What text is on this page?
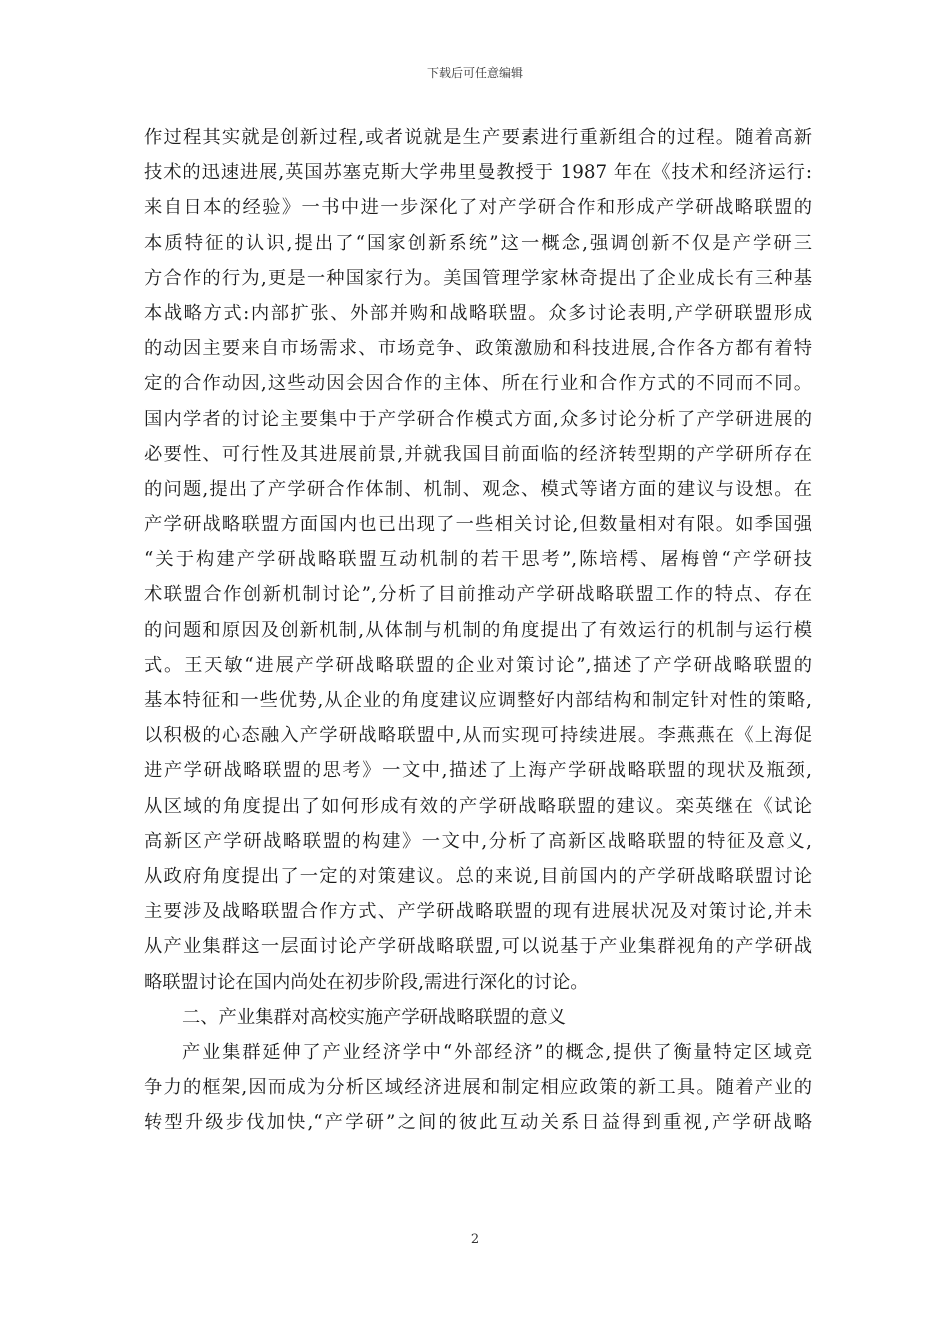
下载后可任意编辑
作过程其实就是创新过程,或者说就是生产要素进行重新组合的过程。随着高新
技术的迅速进展,英国苏塞克斯大学弗里曼教授于 1987 年在《技术和经济运行:
来自日本的经验》一书中进一步深化了对产学研合作和形成产学研战略联盟的
本质特征的认识,提出了“国家创新系统”这一概念,强调创新不仅是产学研三
方合作的行为,更是一种国家行为。美国管理学家林奇提出了企业成长有三种基
本战略方式:内部扩张、外部并购和战略联盟。众多讨论表明,产学研联盟形成
的动因主要来自市场需求、市场竞争、政策激励和科技进展,合作各方都有着特
定的合作动因,这些动因会因合作的主体、所在行业和合作方式的不同而不同。
国内学者的讨论主要集中于产学研合作模式方面,众多讨论分析了产学研进展的
必要性、可行性及其进展前景,并就我国目前面临的经济转型期的产学研所存在
的问题,提出了产学研合作体制、机制、观念、模式等诸方面的建议与设想。在
产学研战略联盟方面国内也已出现了一些相关讨论,但数量相对有限。如季国强
“关于构建产学研战略联盟互动机制的若干思考”,陈培樗、屠梅曾“产学研技
术联盟合作创新机制讨论”,分析了目前推动产学研战略联盟工作的特点、存在
的问题和原因及创新机制,从体制与机制的角度提出了有效运行的机制与运行模
式。王天敏“进展产学研战略联盟的企业对策讨论”,描述了产学研战略联盟的
基本特征和一些优势,从企业的角度建议应调整好内部结构和制定针对性的策略,
以积极的心态融入产学研战略联盟中,从而实现可持续进展。李燕燕在《上海促
进产学研战略联盟的思考》一文中,描述了上海产学研战略联盟的现状及瓶颈,
从区域的角度提出了如何形成有效的产学研战略联盟的建议。栾英继在《试论
高新区产学研战略联盟的构建》一文中,分析了高新区战略联盟的特征及意义,
从政府角度提出了一定的对策建议。总的来说,目前国内的产学研战略联盟讨论
主要涉及战略联盟合作方式、产学研战略联盟的现有进展状况及对策讨论,并未
从产业集群这一层面讨论产学研战略联盟,可以说基于产业集群视角的产学研战
略联盟讨论在国内尚处在初步阶段,需进行深化的讨论。
二、产业集群对高校实施产学研战略联盟的意义
产业集群延伸了产业经济学中“外部经济”的概念,提供了衡量特定区域竞
争力的框架,因而成为分析区域经济进展和制定相应政策的新工具。随着产业的
转型升级步伐加快,“产学研”之间的彼此互动关系日益得到重视,产学研战略
2
